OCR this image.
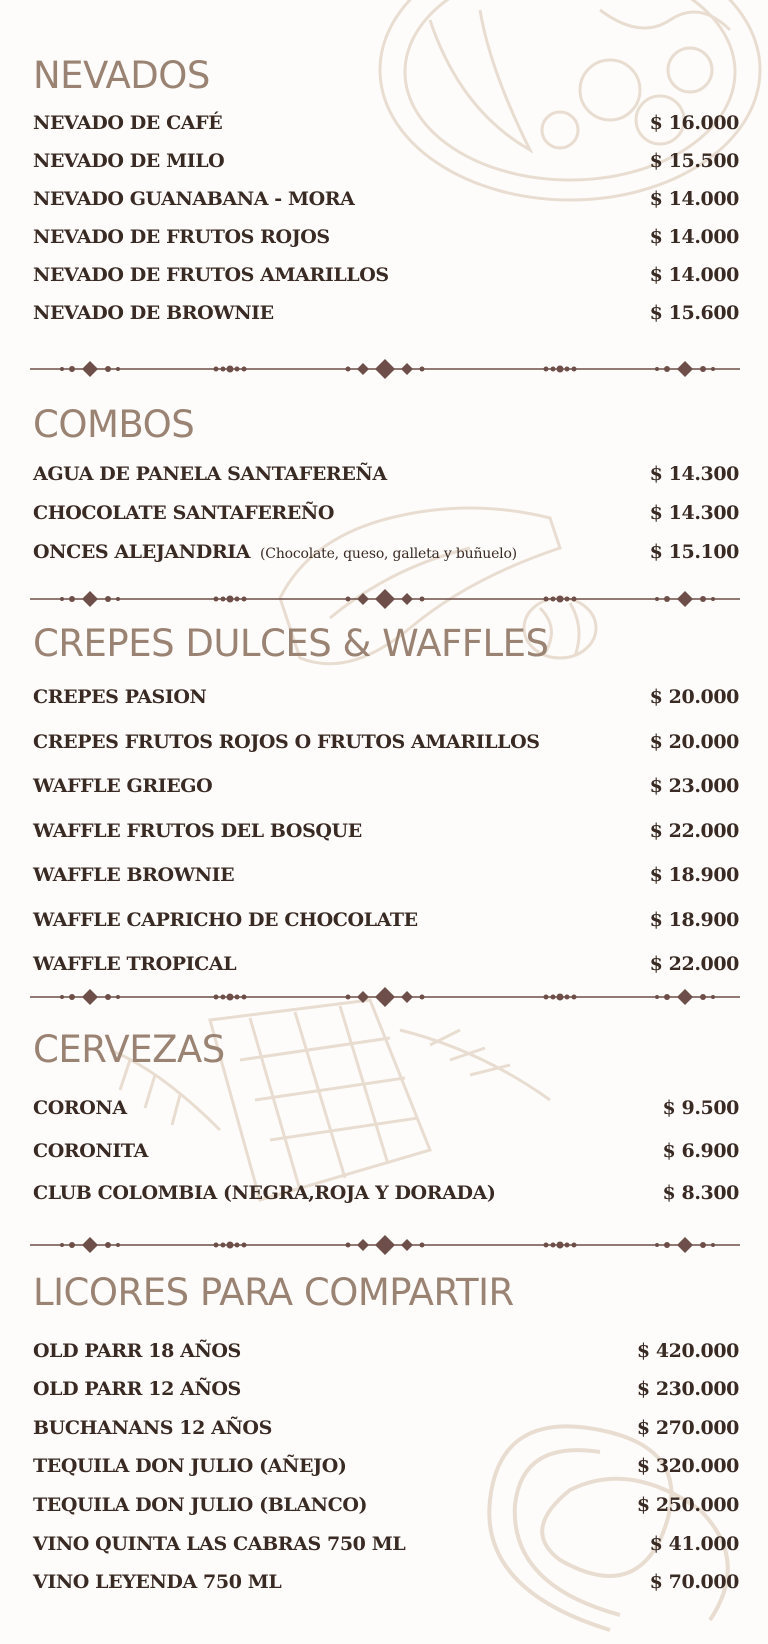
NEVADOS
NEVADO DE CAFÉ	$ 16.000
NEVADO DE MILO	$ 15.500
NEVADO GUANABANA - MORA	$ 14.000
NEVADO DE FRUTOS ROJOS	$ 14.000
NEVADO DE FRUTOS AMARILLOS	$ 14.000
NEVADO DE BROWNIE	$ 15.600
COMBOS
AGUA DE PANELA SANTAFEREÑA	$ 14.300
CHOCOLATE SANTAFEREÑO	$ 14.300
ONCES ALEJANDRIA (Chocolate, queso, galleta y buñuelo)	$ 15.100
CREPES DULCES & WAFFLES
CREPES PASION	$ 20.000
CREPES FRUTOS ROJOS O FRUTOS AMARILLOS	$ 20.000
WAFFLE GRIEGO	$ 23.000
WAFFLE FRUTOS DEL BOSQUE	$ 22.000
WAFFLE BROWNIE	$ 18.900
WAFFLE CAPRICHO DE CHOCOLATE	$ 18.900
WAFFLE TROPICAL	$ 22.000
CERVEZAS
CORONA	$ 9.500
CORONITA	$ 6.900
CLUB COLOMBIA (NEGRA,ROJA Y DORADA)	$ 8.300
LICORES PARA COMPARTIR
OLD PARR 18 AÑOS	$ 420.000
OLD PARR 12 AÑOS	$ 230.000
BUCHANANS 12 AÑOS	$ 270.000
TEQUILA DON JULIO (AÑEJO)	$ 320.000
TEQUILA DON JULIO (BLANCO)	$ 250.000
VINO QUINTA LAS CABRAS 750 ML	$ 41.000
VINO LEYENDA 750 ML	$ 70.000
